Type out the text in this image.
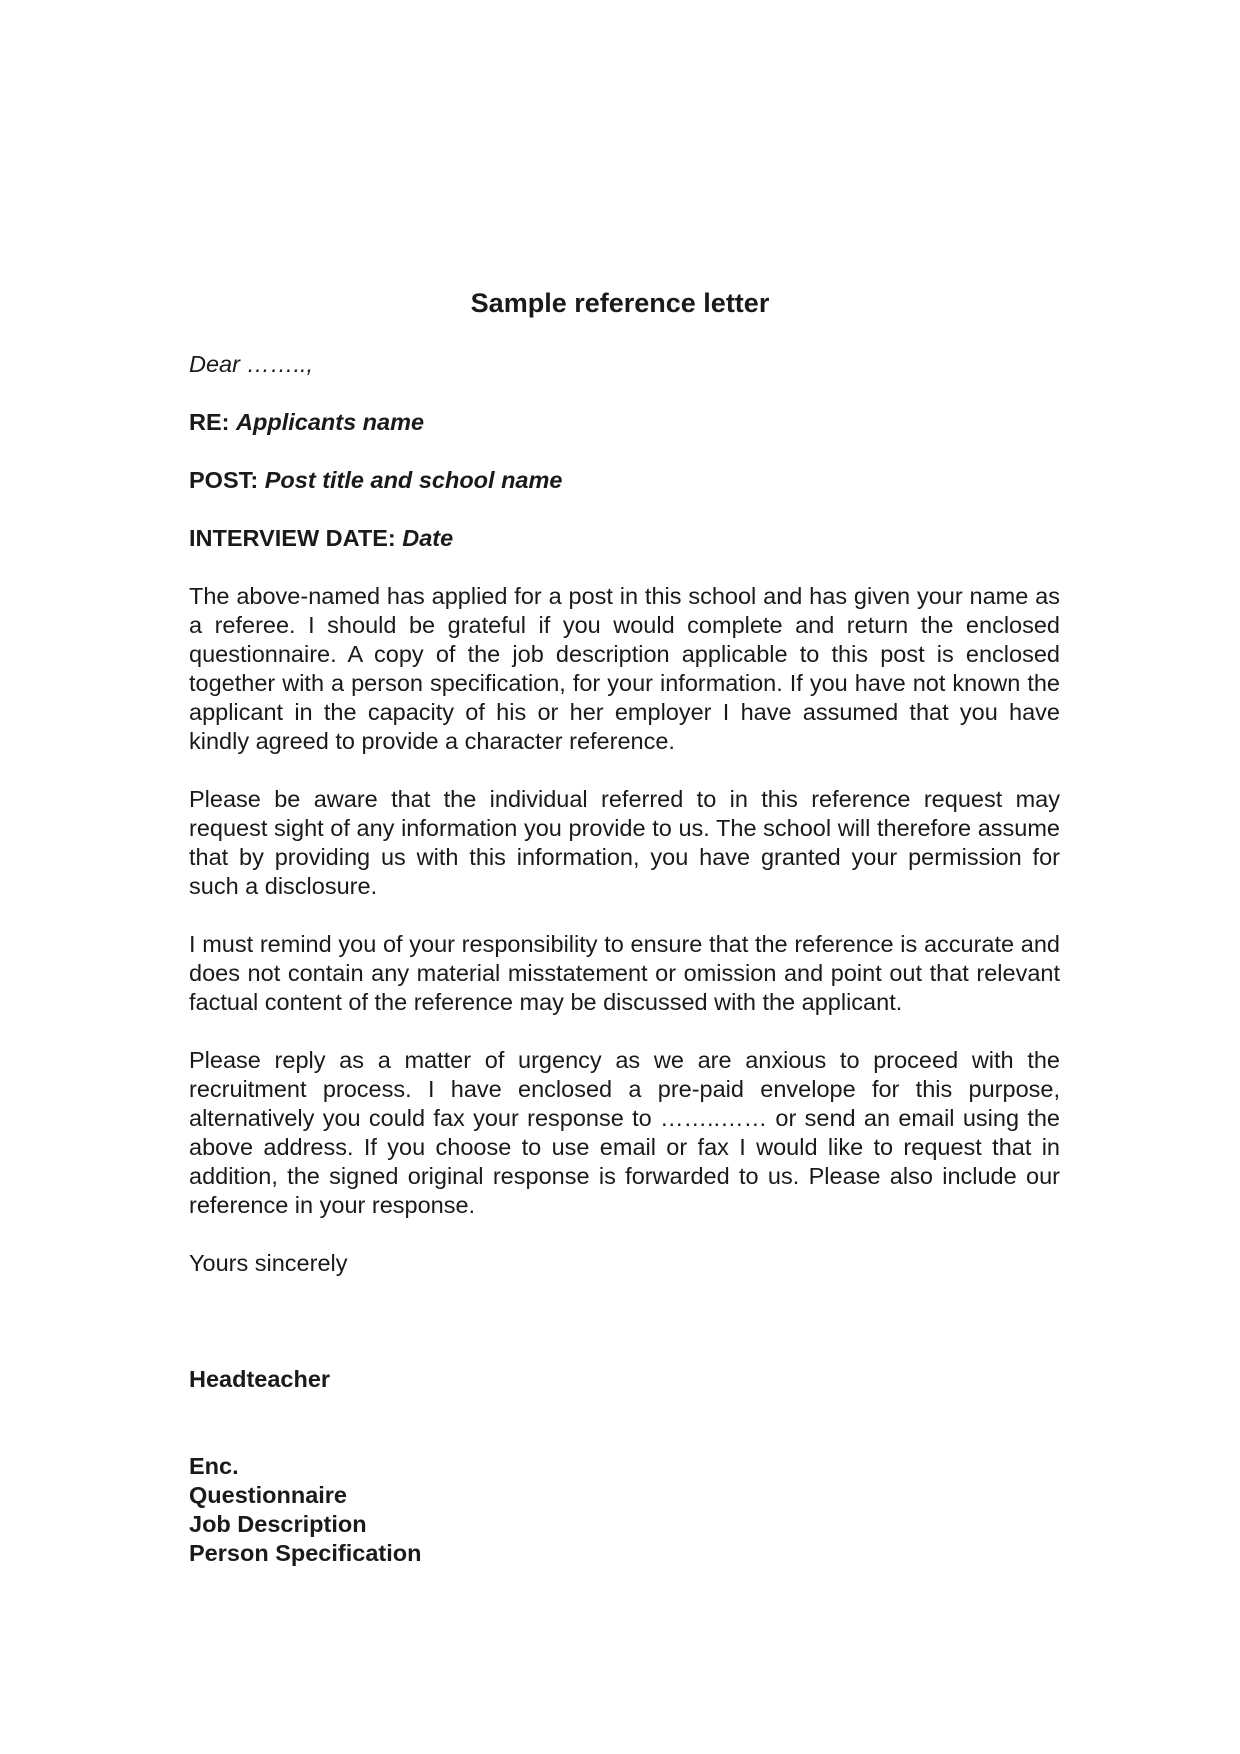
Sample reference letter

Dear ……..,

RE: Applicants name

POST: Post title and school name

INTERVIEW DATE: Date

The above-named has applied for a post in this school and has given your name as a referee. I should be grateful if you would complete and return the enclosed questionnaire. A copy of the job description applicable to this post is enclosed together with a person specification, for your information. If you have not known the applicant in the capacity of his or her employer I have assumed that you have kindly agreed to provide a character reference.

Please be aware that the individual referred to in this reference request may request sight of any information you provide to us. The school will therefore assume that by providing us with this information, you have granted your permission for such a disclosure.

I must remind you of your responsibility to ensure that the reference is accurate and does not contain any material misstatement or omission and point out that relevant factual content of the reference may be discussed with the applicant.

Please reply as a matter of urgency as we are anxious to proceed with the recruitment process. I have enclosed a pre-paid envelope for this purpose, alternatively you could fax your response to ……..…… or send an email using the above address. If you choose to use email or fax I would like to request that in addition, the signed original response is forwarded to us. Please also include our reference in your response.

Yours sincerely

Headteacher

Enc.
Questionnaire
Job Description
Person Specification
